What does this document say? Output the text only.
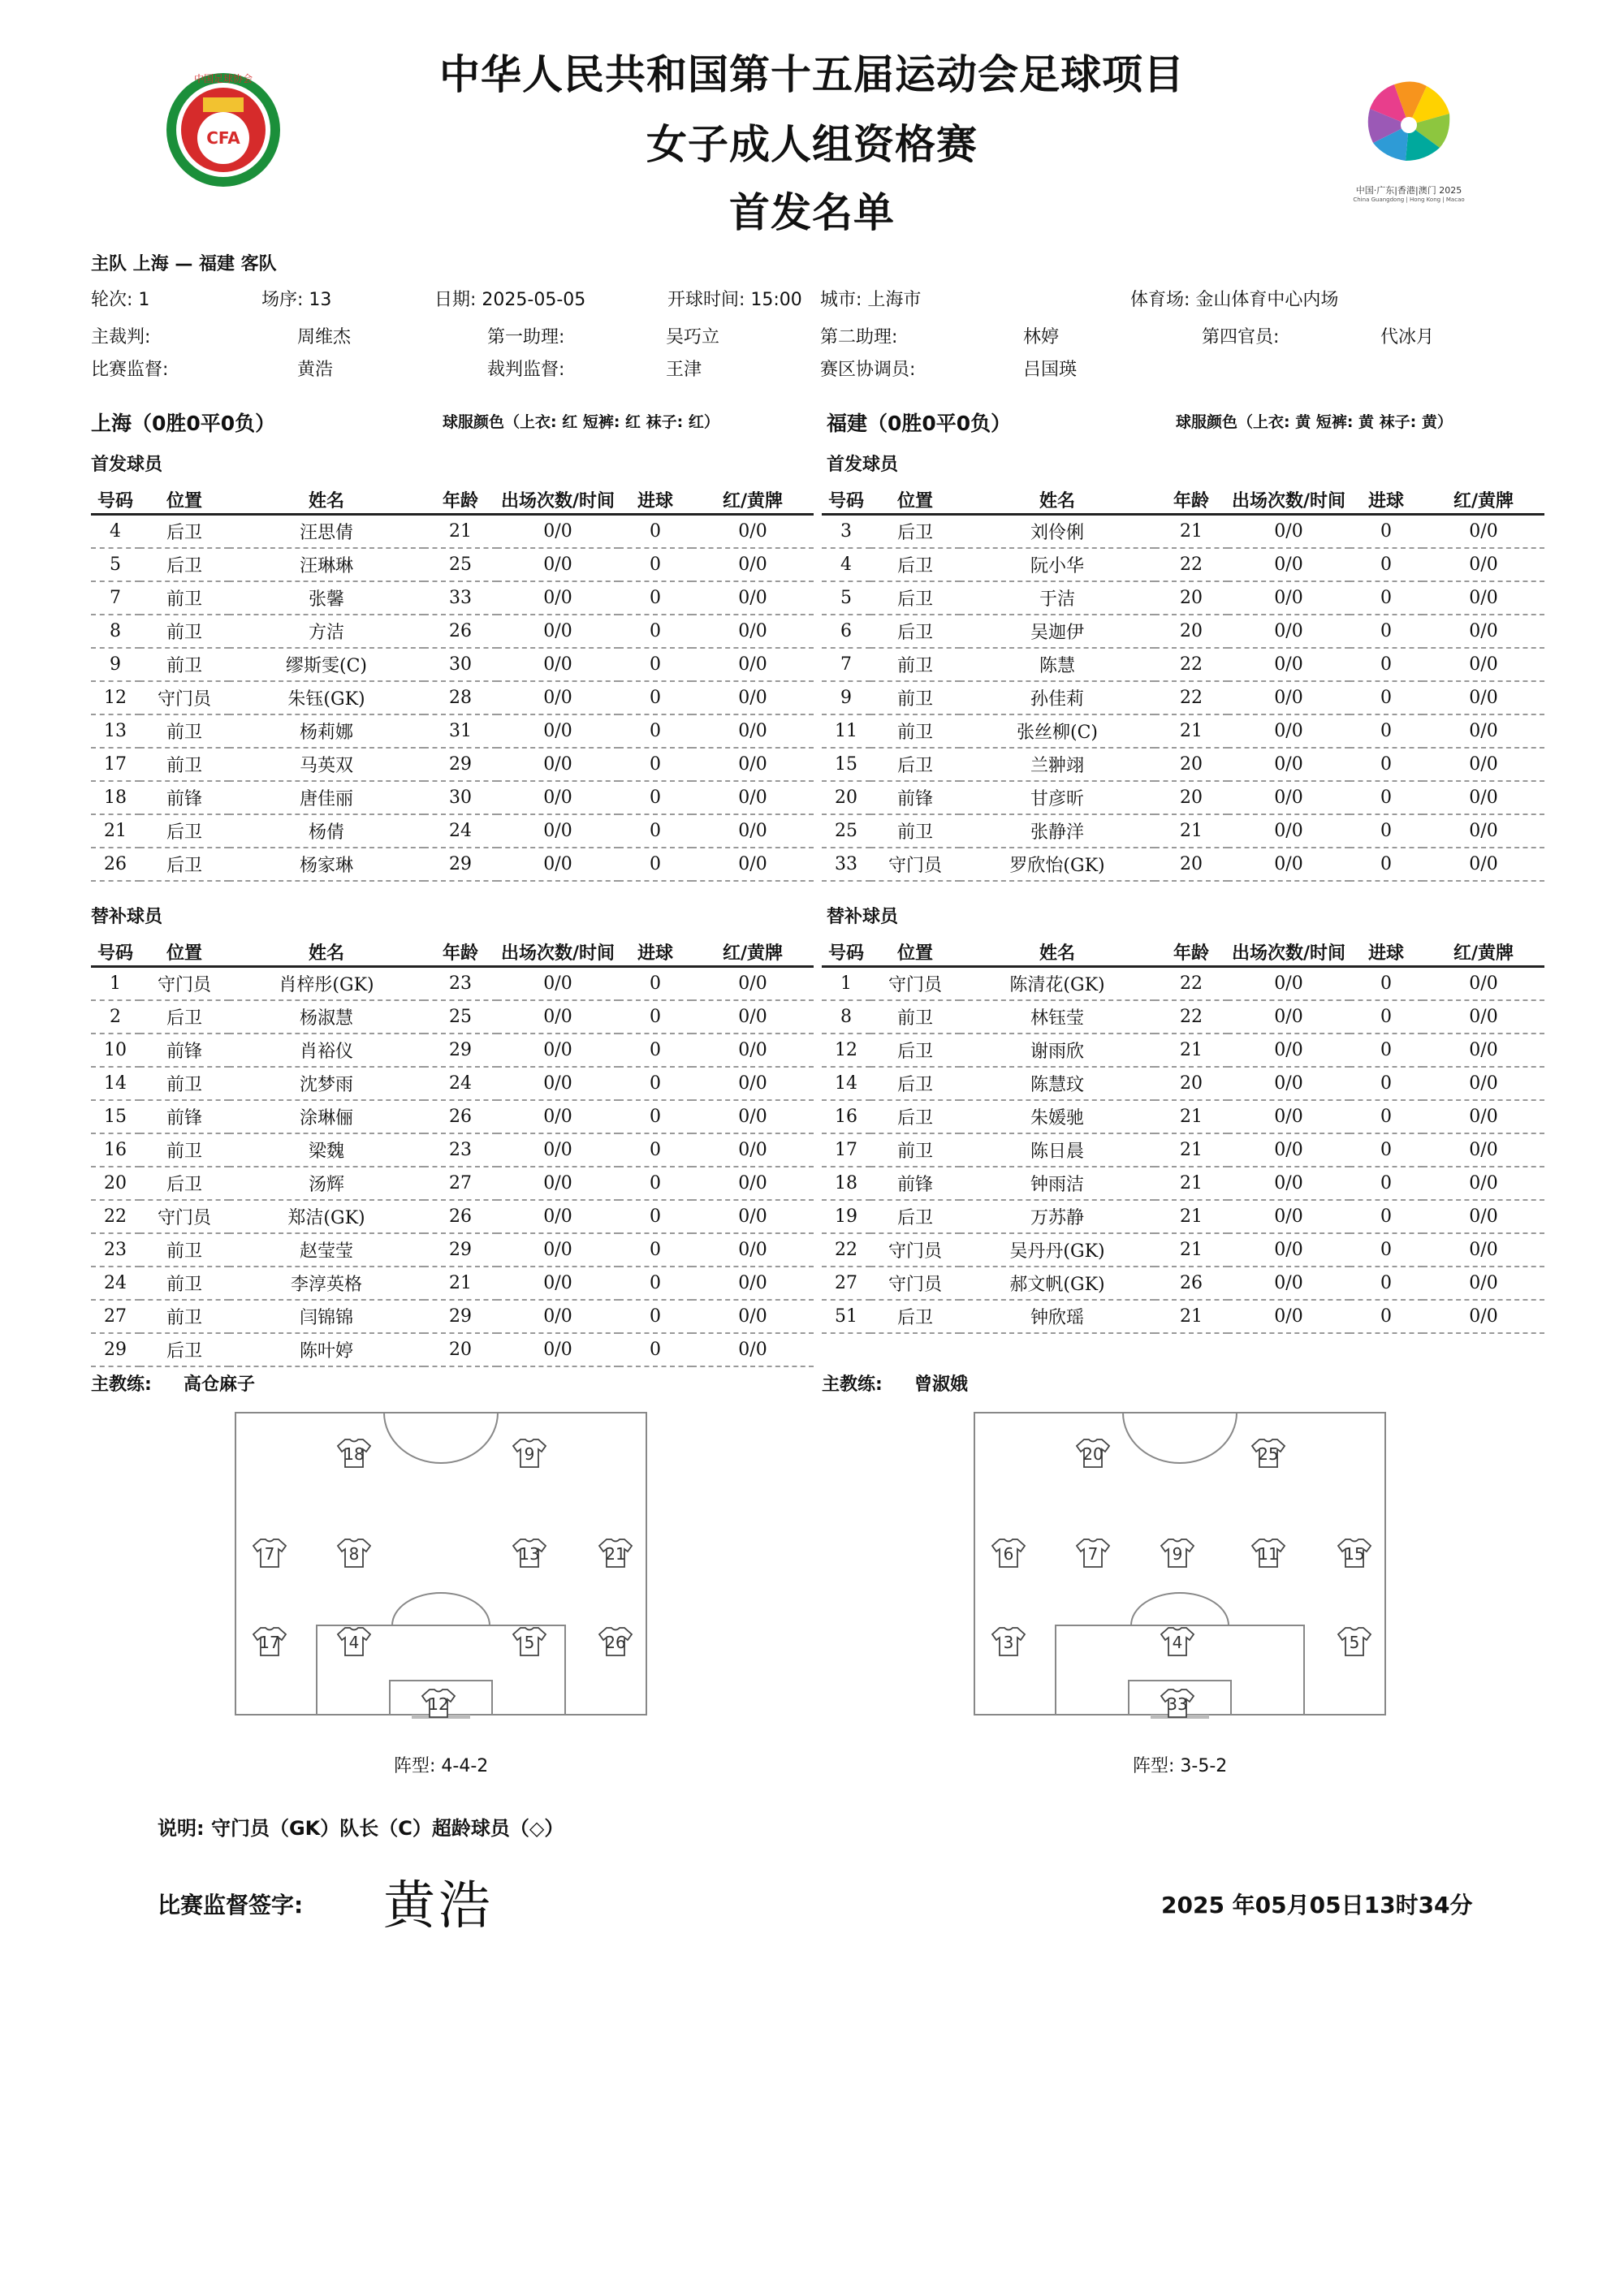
CFA
中国足球协会	中华人民共和国第十五届运动会足球项目
女子成人组资格赛
首发名单	中国·广东|香港|澳门 2025
China Guangdong | Hong Kong | Macao
主队 上海 — 福建 客队
轮次: 1	场序: 13	日期: 2025-05-05	开球时间: 15:00 城市: 上海市	体育场: 金山体育中心内场
主裁判:	周维杰	第一助理:	吴巧立	第二助理:	林婷	第四官员:	代冰月
比赛监督:	黄浩	裁判监督:	王津	赛区协调员:	吕国瑛
上海（0胜0平0负）	球服颜色（上衣: 红 短裤: 红 袜子: 红）	福建（0胜0平0负）	球服颜色（上衣: 黄 短裤: 黄 袜子: 黄）
首发球员	首发球员
号码	位置	姓名	年龄	出场次数/时间	进球	红/黄牌
4	后卫	汪思倩	21	0/0	0	0/0
5	后卫	汪琳琳	25	0/0	0	0/0
7	前卫	张馨	33	0/0	0	0/0
8	前卫	方洁	26	0/0	0	0/0
9	前卫	缪斯雯(C)	30	0/0	0	0/0
12	守门员	朱钰(GK)	28	0/0	0	0/0
13	前卫	杨莉娜	31	0/0	0	0/0
17	前卫	马英双	29	0/0	0	0/0
18	前锋	唐佳丽	30	0/0	0	0/0
21	后卫	杨倩	24	0/0	0	0/0
26	后卫	杨家琳	29	0/0	0	0/0
号码	位置	姓名	年龄	出场次数/时间	进球	红/黄牌
3	后卫	刘伶俐	21	0/0	0	0/0
4	后卫	阮小华	22	0/0	0	0/0
5	后卫	于洁	20	0/0	0	0/0
6	后卫	吴迦伊	20	0/0	0	0/0
7	前卫	陈慧	22	0/0	0	0/0
9	前卫	孙佳莉	22	0/0	0	0/0
11	前卫	张丝柳(C)	21	0/0	0	0/0
15	后卫	兰翀翊	20	0/0	0	0/0
20	前锋	甘彦昕	20	0/0	0	0/0
25	前卫	张静洋	21	0/0	0	0/0
33	守门员	罗欣怡(GK)	20	0/0	0	0/0
替补球员	替补球员
号码	位置	姓名	年龄	出场次数/时间	进球	红/黄牌
1	守门员	肖梓彤(GK)	23	0/0	0	0/0
2	后卫	杨淑慧	25	0/0	0	0/0
10	前锋	肖裕仪	29	0/0	0	0/0
14	前卫	沈梦雨	24	0/0	0	0/0
15	前锋	涂琳俪	26	0/0	0	0/0
16	前卫	梁魏	23	0/0	0	0/0
20	后卫	汤辉	27	0/0	0	0/0
22	守门员	郑洁(GK)	26	0/0	0	0/0
23	前卫	赵莹莹	29	0/0	0	0/0
24	前卫	李淳英格	21	0/0	0	0/0
27	前卫	闫锦锦	29	0/0	0	0/0
29	后卫	陈叶婷	20	0/0	0	0/0
号码	位置	姓名	年龄	出场次数/时间	进球	红/黄牌
1	守门员	陈清花(GK)	22	0/0	0	0/0
8	前卫	林钰莹	22	0/0	0	0/0
12	后卫	谢雨欣	21	0/0	0	0/0
14	后卫	陈慧玟	20	0/0	0	0/0
16	后卫	朱媛驰	21	0/0	0	0/0
17	前卫	陈日晨	21	0/0	0	0/0
18	前锋	钟雨洁	21	0/0	0	0/0
19	后卫	万苏静	21	0/0	0	0/0
22	守门员	吴丹丹(GK)	21	0/0	0	0/0
27	守门员	郝文帆(GK)	26	0/0	0	0/0
51	后卫	钟欣瑶	21	0/0	0	0/0
主教练: 高仓麻子	主教练: 曾淑娥
18	9
7	8	13	21
17	4	5	26
12
20	25
6	7	9	11	15
3	4	5
33
阵型: 4-4-2	阵型: 3-5-2
说明: 守门员（GK）队长（C）超龄球员（◇）
比赛监督签字: 黄浩	2025 年05月05日13时34分
